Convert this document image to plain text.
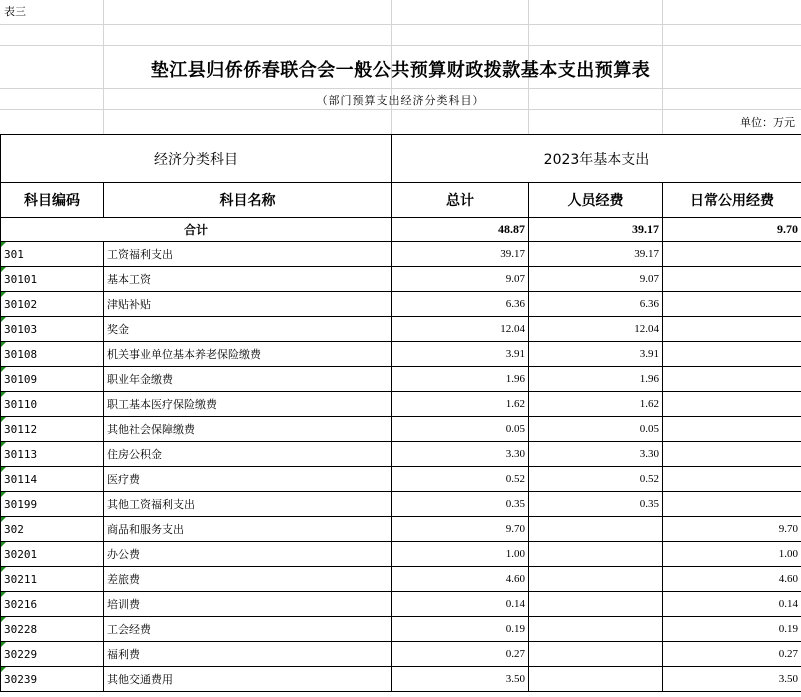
表三
垫江县归侨侨春联合会一般公共预算财政拨款基本支出预算表
（部门预算支出经济分类科目）
单位：万元
经济分类科目		2023年基本支出		
科目编码	科目名称	总计	人员经费	日常公用经费
合计		48.87	39.17	9.70
301	工资福利支出	39.17	39.17	
30101	基本工资	9.07	9.07	
30102	津贴补贴	6.36	6.36	
30103	奖金	12.04	12.04	
30108	机关事业单位基本养老保险缴费	3.91	3.91	
30109	职业年金缴费	1.96	1.96	
30110	职工基本医疗保险缴费	1.62	1.62	
30112	其他社会保障缴费	0.05	0.05	
30113	住房公积金	3.30	3.30	
30114	医疗费	0.52	0.52	
30199	其他工资福利支出	0.35	0.35	
302	商品和服务支出	9.70		9.70
30201	办公费	1.00		1.00
30211	差旅费	4.60		4.60
30216	培训费	0.14		0.14
30228	工会经费	0.19		0.19
30229	福利费	0.27		0.27
30239	其他交通费用	3.50		3.50
